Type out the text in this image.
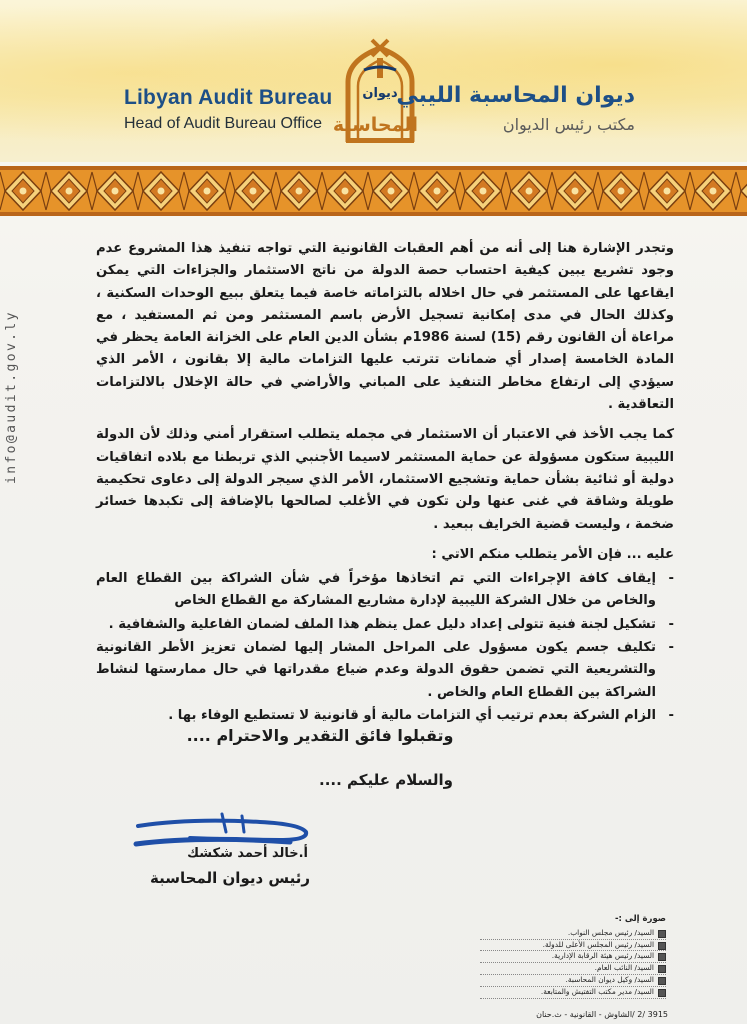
Libyan Audit Bureau
Head of Audit Bureau Office
ديوان
المحاسبة
ديوان المحاسبة الليبي
مكتب رئيس الديوان
info@audit.gov.ly

وتجدر الإشارة هنا إلى أنه من أهم العقبات القانونية التي تواجه تنفيذ هذا المشروع عدم وجود تشريع يبين كيفية احتساب حصة الدولة من ناتج الاستثمار والجزاءات التي يمكن ايقاعها على المستثمر في حال اخلاله بالتزاماته خاصة فيما يتعلق ببيع الوحدات السكنية ، وكذلك الحال في مدى إمكانية تسجيل الأرض باسم المستثمر ومن ثم المستفيد ، مع مراعاة أن القانون رقم (15) لسنة 1986م بشأن الدين العام على الخزانة العامة يحظر في المادة الخامسة إصدار أي ضمانات تترتب عليها التزامات مالية إلا بقانون ، الأمر الذي سيؤدي إلى ارتفاع مخاطر التنفيذ على المباني والأراضي في حالة الإخلال بالالتزامات التعاقدية .

كما يجب الأخذ في الاعتبار أن الاستثمار في مجمله يتطلب استقرار أمني وذلك لأن الدولة الليبية ستكون مسؤولة عن حماية المستثمر لاسيما الأجنبي الذي تربطنا مع بلاده اتفاقيات دولية أو ثنائية بشأن حماية وتشجيع الاستثمار، الأمر الذي سيجر الدولة إلى دعاوى تحكيمية طويلة وشاقة في غنى عنها ولن تكون في الأغلب لصالحها بالإضافة إلى تكبدها خسائر ضخمة ، وليست قضية الخرايف ببعيد .

عليه ... فإن الأمر يتطلب منكم الاتي :

- إيقاف كافة الإجراءات التي تم اتخاذها مؤخراً في شأن الشراكة بين القطاع العام والخاص من خلال الشركة الليبية لإدارة مشاريع المشاركة مع القطاع الخاص
- تشكيل لجنة فنية تتولى إعداد دليل عمل ينظم هذا الملف لضمان الفاعلية والشفافية .
- تكليف جسم يكون مسؤول على المراحل المشار إليها لضمان تعزيز الأطر القانونية والتشريعية التي تضمن حقوق الدولة وعدم ضياع مقدراتها في حال ممارستها لنشاط الشراكة بين القطاع العام والخاص .
- الزام الشركة بعدم ترتيب أي التزامات مالية أو قانونية لا تستطيع الوفاء بها .
وتقبلوا فائق التقدير والاحترام ....
والسلام عليكم ....
أ.خالد أحمد شكشك
رئيس ديوان المحاسبة
صورة إلى :-
السيد/ رئيس مجلس النواب.
السيد/ رئيس المجلس الأعلى للدولة.
السيد/ رئيس هيئة الرقابة الإدارية.
السيد/ النائب العام.
السيد/ وكيل ديوان المحاسبة.
السيد/ مدير مكتب التفتيش والمتابعة.
3915 /2 /الشاوش - القانونية - ث.حنان
